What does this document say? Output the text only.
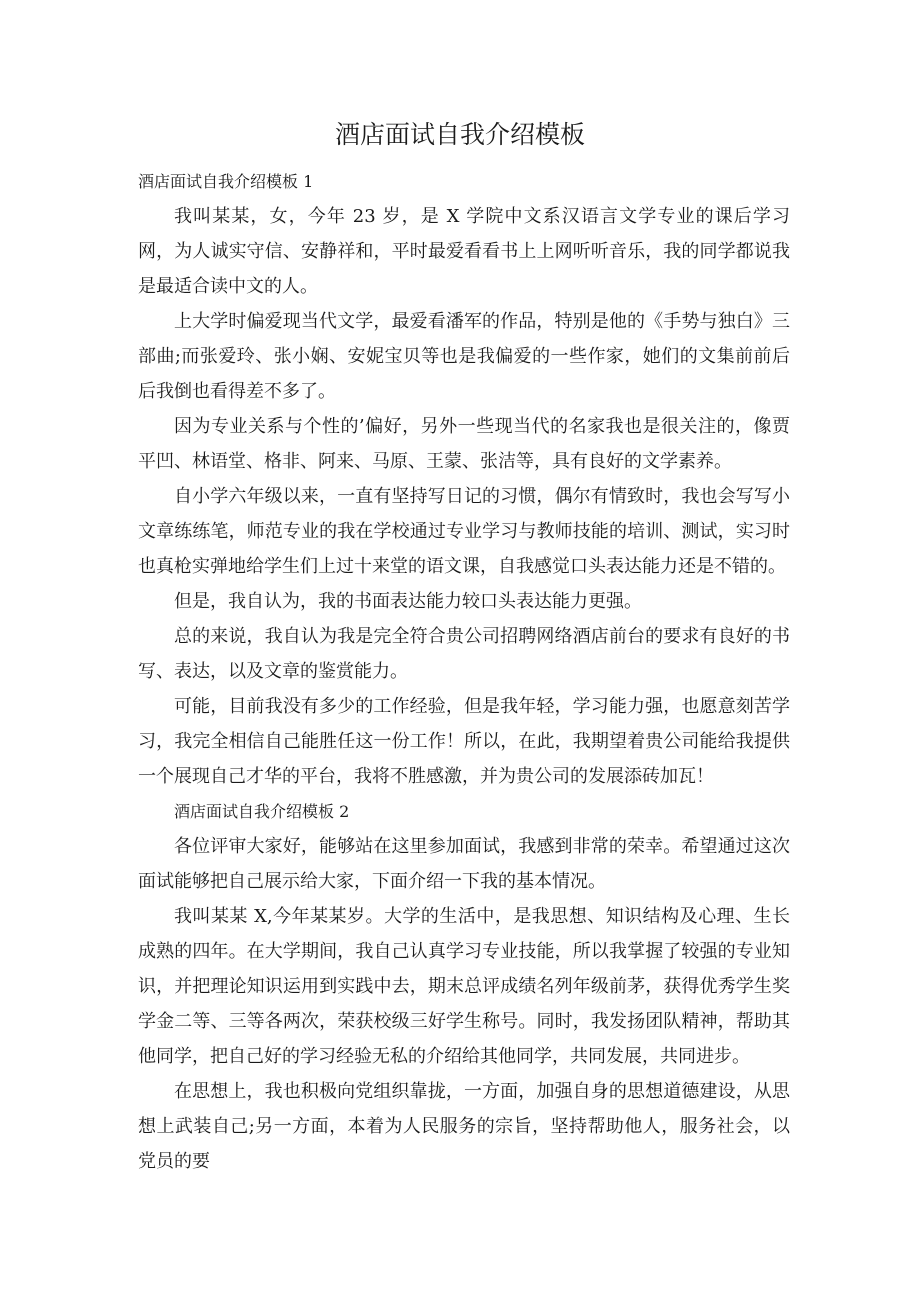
酒店面试自我介绍模板

酒店面试自我介绍模板 1

我叫某某，女，今年 23 岁，是 X 学院中文系汉语言文学专业的课后学习网，为人诚实守信、安静祥和，平时最爱看看书上上网听听音乐，我的同学都说我是最适合读中文的人。

上大学时偏爱现当代文学，最爱看潘军的作品，特别是他的《手势与独白》三部曲;而张爱玲、张小娴、安妮宝贝等也是我偏爱的一些作家，她们的文集前前后后我倒也看得差不多了。

因为专业关系与个性的’偏好，另外一些现当代的名家我也是很关注的，像贾平凹、林语堂、格非、阿来、马原、王蒙、张洁等，具有良好的文学素养。

自小学六年级以来，一直有坚持写日记的习惯，偶尔有情致时，我也会写写小文章练练笔，师范专业的我在学校通过专业学习与教师技能的培训、测试，实习时也真枪实弹地给学生们上过十来堂的语文课，自我感觉口头表达能力还是不错的。

但是，我自认为，我的书面表达能力较口头表达能力更强。

总的来说，我自认为我是完全符合贵公司招聘网络酒店前台的要求有良好的书写、表达，以及文章的鉴赏能力。

可能，目前我没有多少的工作经验，但是我年轻，学习能力强，也愿意刻苦学习，我完全相信自己能胜任这一份工作！所以，在此，我期望着贵公司能给我提供一个展现自己才华的平台，我将不胜感激，并为贵公司的发展添砖加瓦！

酒店面试自我介绍模板 2

各位评审大家好，能够站在这里参加面试，我感到非常的荣幸。希望通过这次面试能够把自己展示给大家，下面介绍一下我的基本情况。

我叫某某 X,今年某某岁。大学的生活中，是我思想、知识结构及心理、生长成熟的四年。在大学期间，我自己认真学习专业技能，所以我掌握了较强的专业知识，并把理论知识运用到实践中去，期末总评成绩名列年级前茅，获得优秀学生奖学金二等、三等各两次，荣获校级三好学生称号。同时，我发扬团队精神，帮助其他同学，把自己好的学习经验无私的介绍给其他同学，共同发展，共同进步。

在思想上，我也积极向党组织靠拢，一方面，加强自身的思想道德建设，从思想上武装自己;另一方面，本着为人民服务的宗旨，坚持帮助他人，服务社会，以党员的要
